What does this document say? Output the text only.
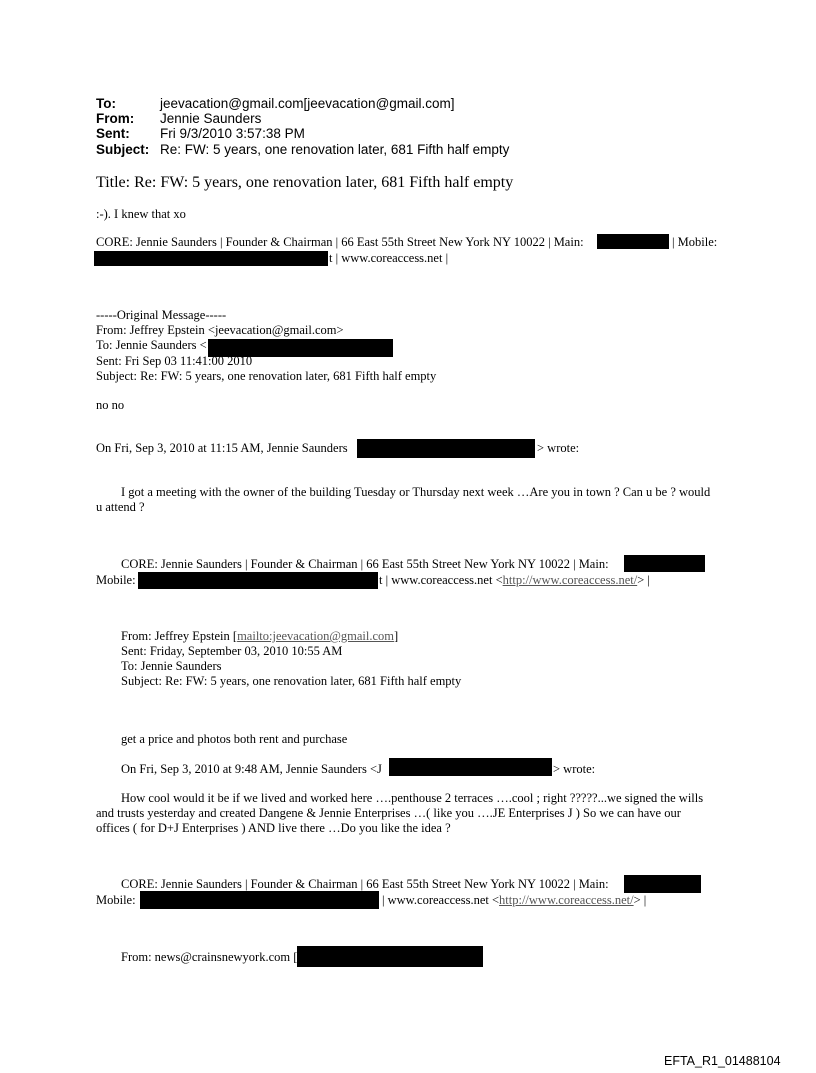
To:	jeevacation@gmail.com[jeevacation@gmail.com]
From: Jennie Saunders
Sent: Fri 9/3/2010 3:57:38 PM
Subject: Re: FW: 5 years, one renovation later, 681 Fifth half empty
Title: Re: FW: 5 years, one renovation later, 681 Fifth half empty
:-). I knew that xo
CORE: Jennie Saunders | Founder & Chairman | 66 East 55th Street New York NY 10022 | Main:	| Mobile:
t | www.coreaccess.net |
-----Original Message-----
From: Jeffrey Epstein <jeevacation@gmail.com>
To: Jennie Saunders <
Sent: Fri Sep 03 11:41:00 2010
Subject: Re: FW: 5 years, one renovation later, 681 Fifth half empty
no no
On Fri, Sep 3, 2010 at 11:15 AM, Jennie Saunders	> wrote:
I got a meeting with the owner of the building Tuesday or Thursday next week …Are you in town ? Can u be ? would
u attend ?
CORE: Jennie Saunders | Founder & Chairman | 66 East 55th Street New York NY 10022 | Main:
Mobile:	t | www.coreaccess.net <http://www.coreaccess.net/> |
From: Jeffrey Epstein [mailto:jeevacation@gmail.com]
Sent: Friday, September 03, 2010 10:55 AM
To: Jennie Saunders
Subject: Re: FW: 5 years, one renovation later, 681 Fifth half empty
get a price and photos both rent and purchase
On Fri, Sep 3, 2010 at 9:48 AM, Jennie Saunders <J	> wrote:
How cool would it be if we lived and worked here ….penthouse 2 terraces ….cool ; right ?????...we signed the wills
and trusts yesterday and created Dangene & Jennie Enterprises …( like you ….JE Enterprises J ) So we can have our
offices ( for D+J Enterprises ) AND live there …Do you like the idea ?
CORE: Jennie Saunders | Founder & Chairman | 66 East 55th Street New York NY 10022 | Main:
Mobile:	| www.coreaccess.net <http://www.coreaccess.net/> |
From: news@crainsnewyork.com [
EFTA_R1_01488104
